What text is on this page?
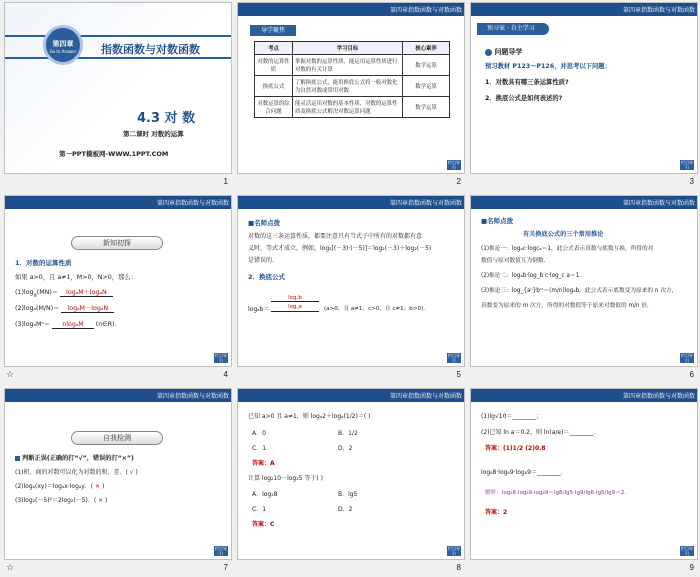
第四章
Go to Answer	指数函数与对数函数
4.3 对 数
第二课时 对数的运算
第一PPT模板网-WWW.1PPT.COM
1
第四章 指数函数与对数函数
导学聚焦
考点	学习目标	核心素养
对数的运算性质	掌握对数的运算性质，能运用运算性质进行对数的有关计算	数学运算
换底公式	了解换底公式，能用换底公式将一般对数化为自然对数或常用对数	数学运算
对数运算的综合问题	能灵活运用对数的基本性质、对数的运算性质及换底公式解决对数运算问题	数学运算
栏目导引
2
第四章 指数函数与对数函数
预习案 · 自主学习
问题导学
预习教材 P123～P126，并思考以下问题：
1．对数具有哪三条运算性质?
2．换底公式是如何表述的?
栏目导引
3
第四章 指数函数与对数函数
新知初探
1．对数的运算性质
如果 a>0，且 a≠1，M>0，N>0，那么：
$(1)\log_a(MN)= \log_aM+\log_aN$
(2)logₐ(M/N)＝ logₐM－logₐN
(3)logₐMⁿ＝ nlogₐM (n∈R).
栏目导引
☆	4
第四章 指数函数与对数函数
■名师点拨
对数的这三条运算性质，都要注意只有当式子中所有的对数都有意
义时，等式才成立，例如，log₂[(－3)·(－5)]＝log₂(－3)＋log₂(－5)
是错误的.
2．换底公式
$\log_ab= \frac{\log꜀b}{\log꜀a} (a>0$，且 a≠1；c>0，且 c≠1；b>0).
栏目导引
5
第四章 指数函数与对数函数
■名师点拨
有关换底公式的三个常用推论
(1)推论一：logₐc·logcₐ＝1，此公式表示真数与底数互换，所得的对
数值与原对数值互为倒数.
(2)推论二：logₐb·log_b c·log_c a＝1.
(3)推论三：log_{aⁿ}bᵐ＝(m/n)logₐb，此公式表示底数变为原来的 n 次方，
真数变为原来的 m 次方，所得的对数值等于原来对数值的 m/n 倍.
栏目导引
6
第四章 指数函数与对数函数
自我检测
判断正误(正确的打“√”，错误的打“×”)
(1)积、商的对数可以化为对数的和、差．( √ )
(2)logₐ(xy)＝logₐx·logₐy．( × )
(3)log₂(－5)²＝2log₂(－5)．( × )
栏目导引
☆	7
第四章 指数函数与对数函数
已知 a>0 且 a≠1，则 logₐ2＋logₐ(1/2)＝( )
A．0	B．1/2
C．1	D．2
答案：A
计算 log₂10－log₂5 等于( )
A．log₂8	B．lg5
C．1	D．2
答案：C
栏目导引
8
第四章 指数函数与对数函数
(1)lg√10＝________；
(2)已知 ln a＝0.2，则 ln(a/e)＝________.
答案：(1)1/2 (2)0.8
log₆8·log₆9·log₆9＝________.
解析：log₅8·log₆9·log₆9＝lg8/lg5·lg9/lg6·lg5/lg9＝2.
答案：2
栏目导引
9
